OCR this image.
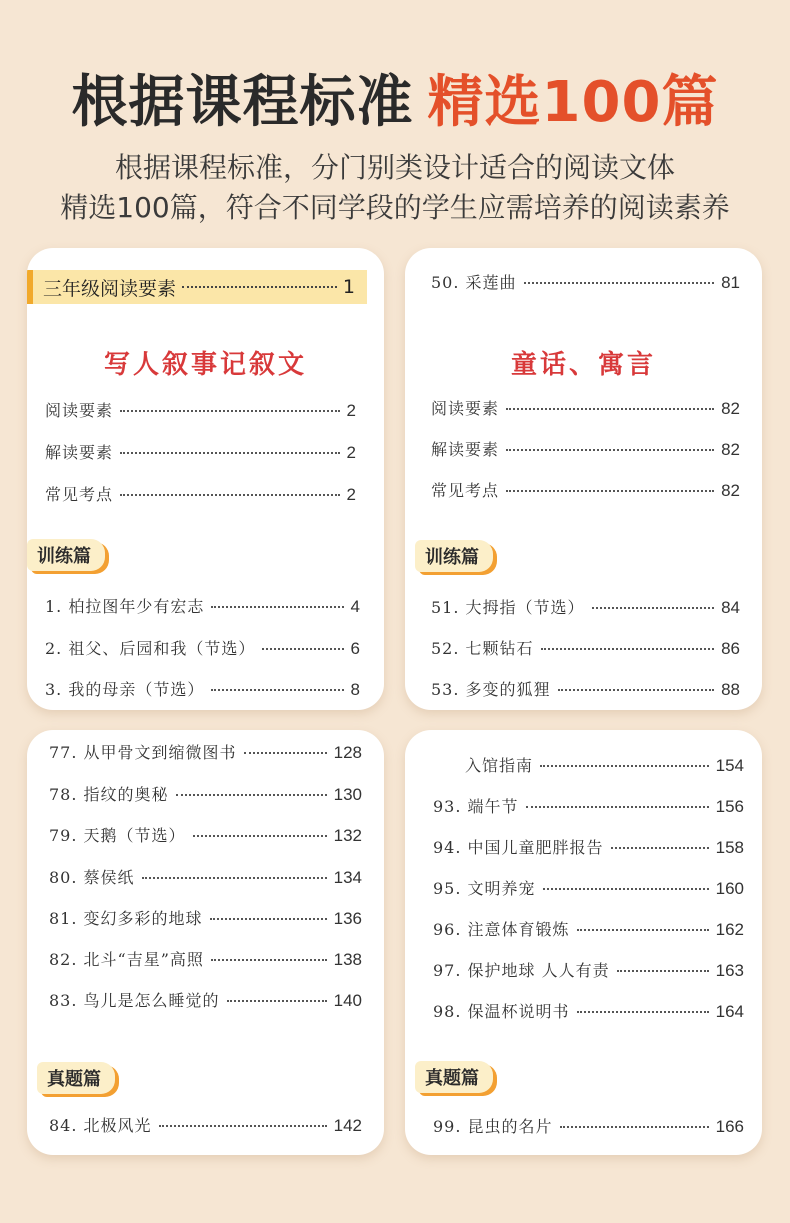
根据课程标准 精选100篇
根据课程标准，分门别类设计适合的阅读文体
精选100篇，符合不同学段的学生应需培养的阅读素养
三年级阅读要素	1
写人叙事记叙文
阅读要素	2
解读要素	2
常见考点	2
训练篇
1. 柏拉图年少有宏志	4
2. 祖父、后园和我（节选）	6
3. 我的母亲（节选）	8
50. 采莲曲	81
童话、寓言
阅读要素	82
解读要素	82
常见考点	82
训练篇
51. 大拇指（节选）	84
52. 七颗钻石	86
53. 多变的狐狸	88
77. 从甲骨文到缩微图书	128
78. 指纹的奥秘	130
79. 天鹅（节选）	132
80. 蔡侯纸	134
81. 变幻多彩的地球	136
82. 北斗“吉星”高照	138
83. 鸟儿是怎么睡觉的	140
真题篇
84. 北极风光	142
入馆指南	154
93. 端午节	156
94. 中国儿童肥胖报告	158
95. 文明养宠	160
96. 注意体育锻炼	162
97. 保护地球 人人有责	163
98. 保温杯说明书	164
真题篇
99. 昆虫的名片	166
